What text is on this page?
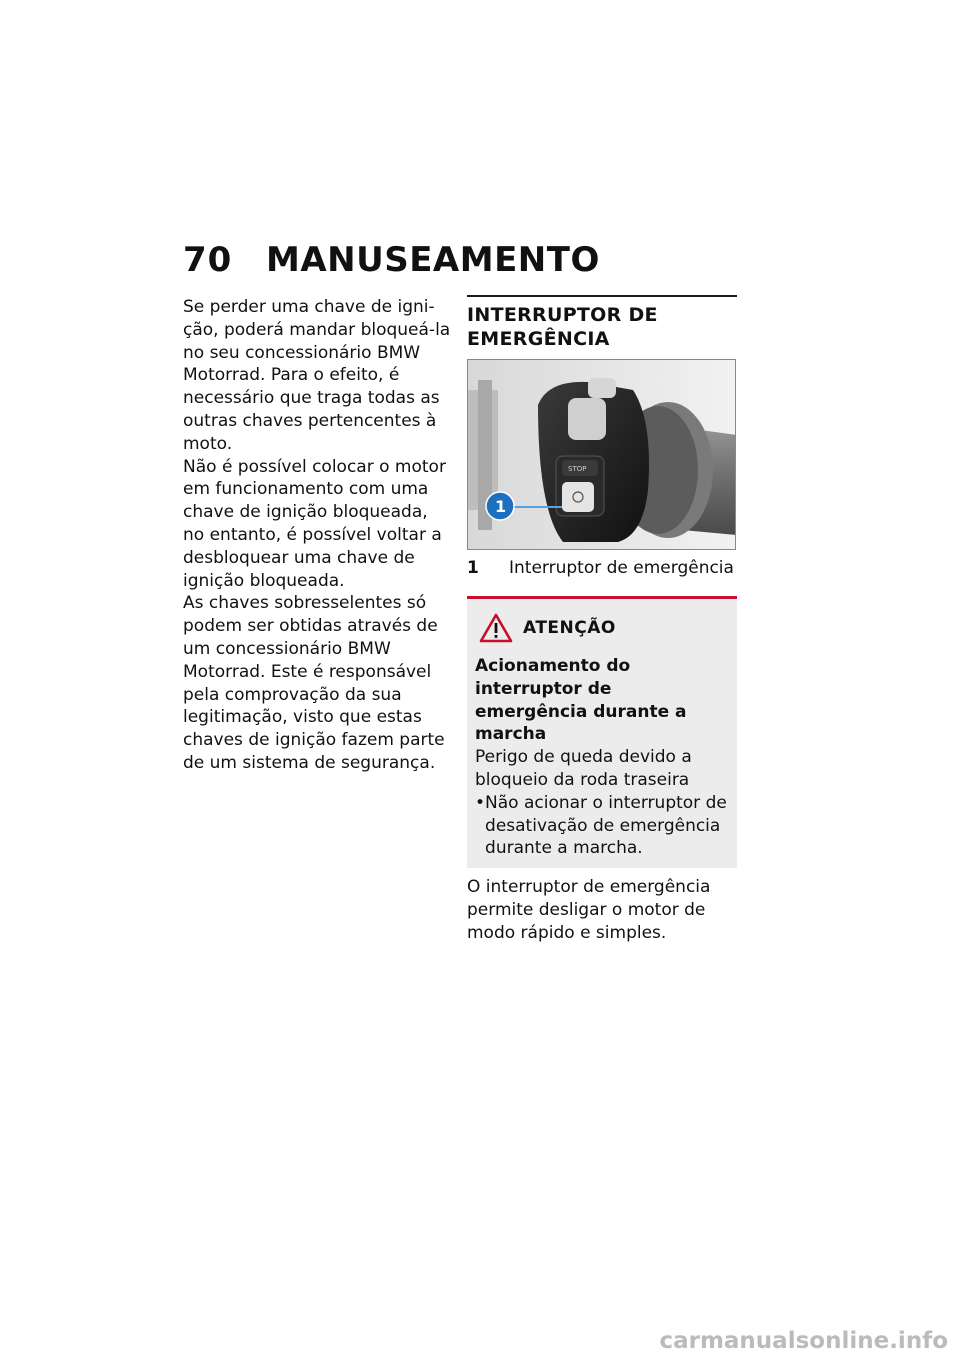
70 MANUSEAMENTO

Se perder uma chave de ignição, poderá mandar bloqueá-la no seu concessionário BMW Motorrad. Para o efeito, é necessário que traga todas as outras chaves pertencentes à moto.

Não é possível colocar o motor em funcionamento com uma chave de ignição bloqueada, no entanto, é possível voltar a desbloquear uma chave de ignição bloqueada.

As chaves sobresselentes só podem ser obtidas através de um concessionário BMW Motorrad. Este é responsável pela comprovação da sua legitimação, visto que estas chaves de ignição fazem parte de um sistema de segurança.

INTERRUPTOR DE EMERGÊNCIA

STOP
1
1	Interruptor de emergência
ATENÇÃO

Acionamento do interruptor de emergência durante a marcha

Perigo de queda devido a bloqueio da roda traseira

• Não acionar o interruptor de desativação de emergência durante a marcha.

O interruptor de emergência permite desligar o motor de modo rápido e simples.

carmanualsonline.info
